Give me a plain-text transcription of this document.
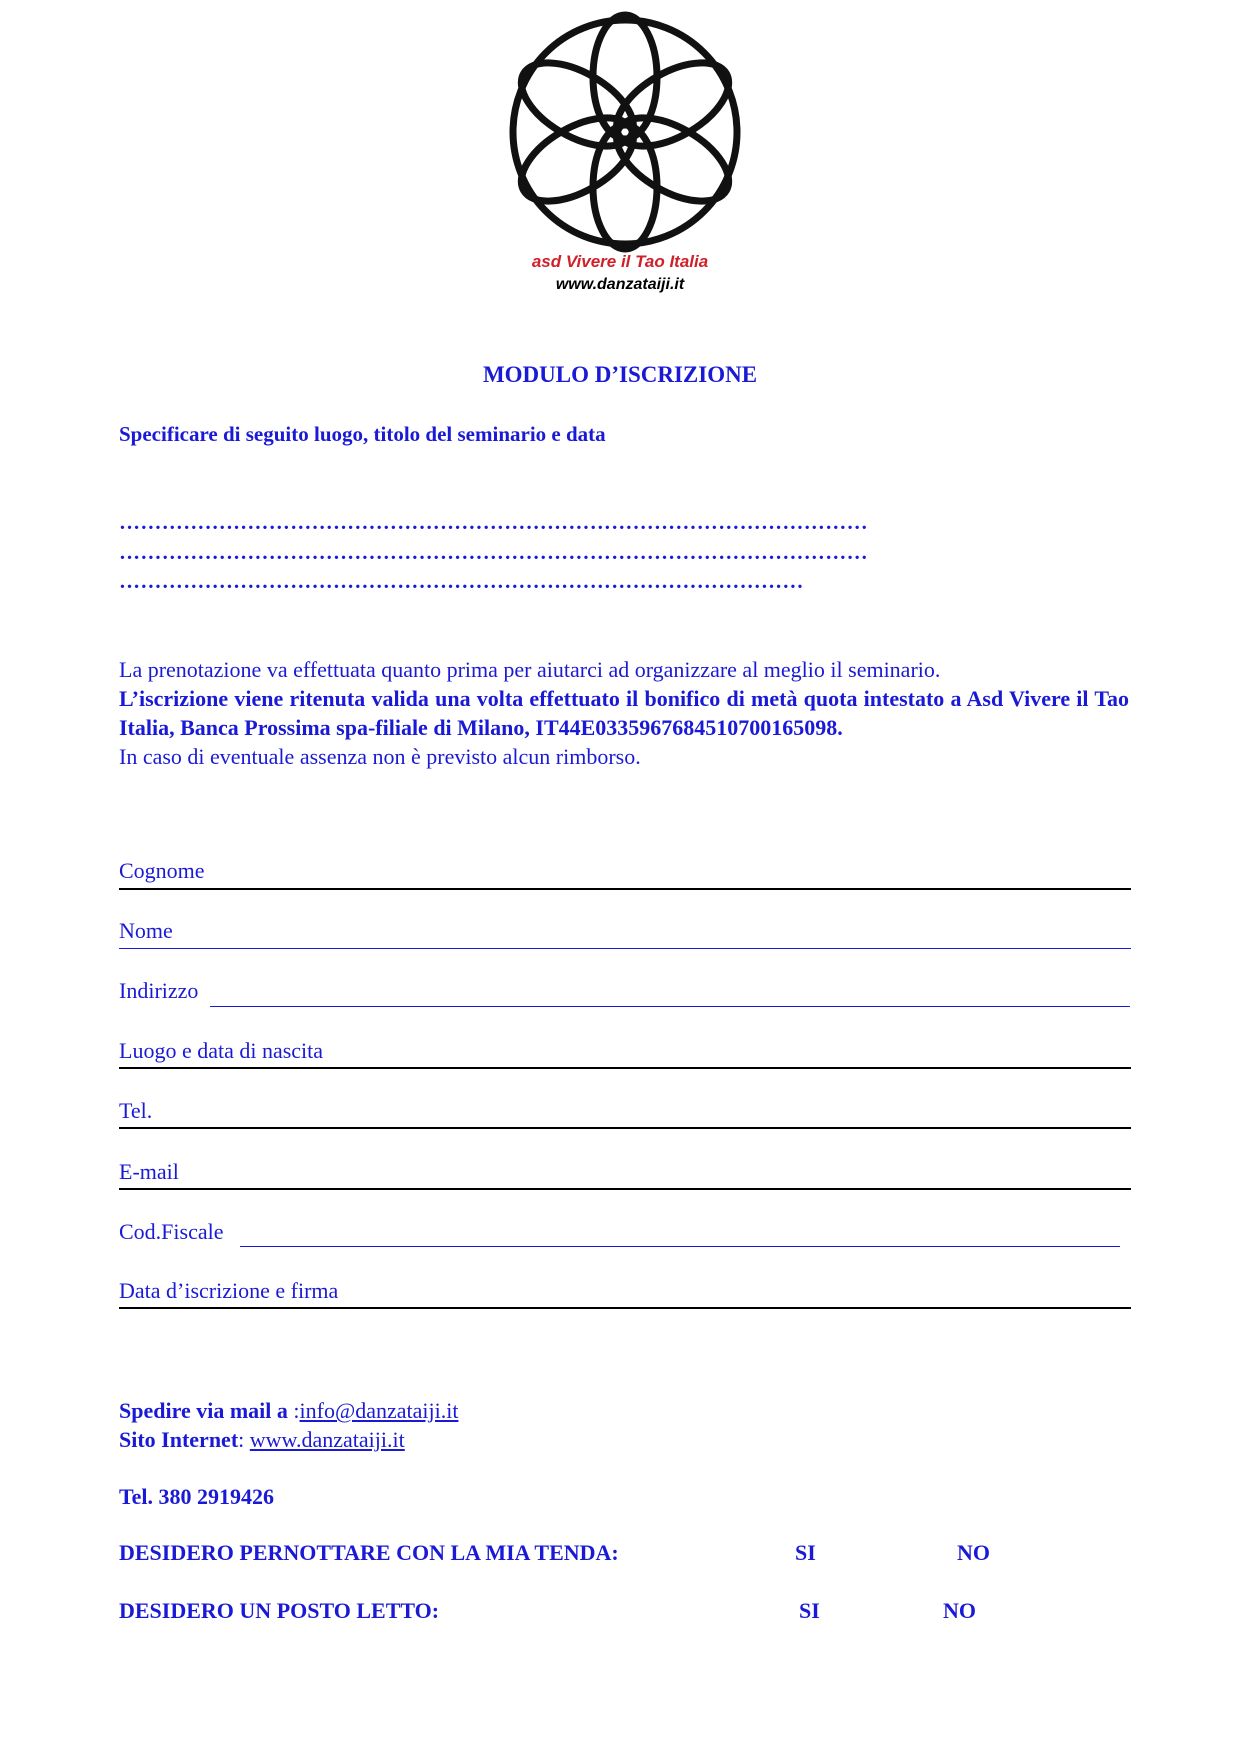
asd Vivere il Tao Italia
www.danzataiji.it
MODULO D’ISCRIZIONE
Specificare di seguito luogo, titolo del seminario e data
……………………………………………………………………………………………
……………………………………………………………………………………………
……………………………………………………………………………………
La prenotazione va effettuata quanto prima per aiutarci ad organizzare al meglio il seminario.
L’iscrizione viene ritenuta valida una volta effettuato il bonifico di metà quota intestato a Asd Vivere il Tao Italia, Banca Prossima spa-filiale di Milano, IT44E0335967684510700165098.
In caso di eventuale assenza non è previsto alcun rimborso.
Cognome
Nome
Indirizzo
Luogo e data di nascita
Tel.
E-mail
Cod.Fiscale
Data d’iscrizione e firma
Spedire via mail a :info@danzataiji.it
Sito Internet: www.danzataiji.it
Tel. 380 2919426
DESIDERO PERNOTTARE CON LA MIA TENDA:	SI	NO
DESIDERO UN POSTO LETTO:	SI	NO
